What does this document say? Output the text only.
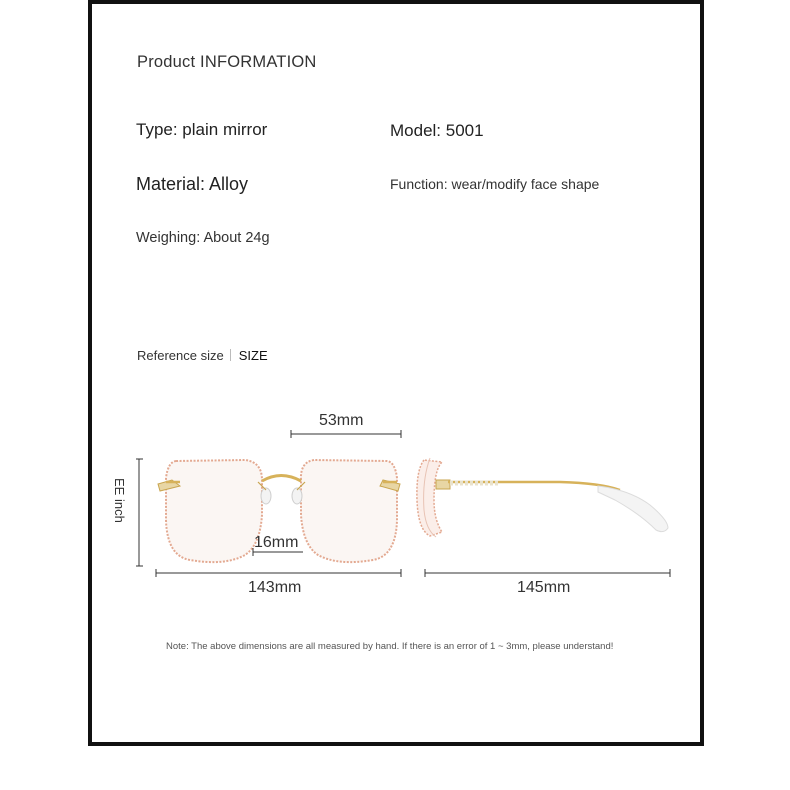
Product INFORMATION
Type: plain mirror	Model: 5001
Material: Alloy	Function: wear/modify face shape
Weighing: About 24g
Reference size SIZE
53mm
16mm
143mm	145mm
EE inch
Note: The above dimensions are all measured by hand. If there is an error of 1 ~ 3mm, please understand!
